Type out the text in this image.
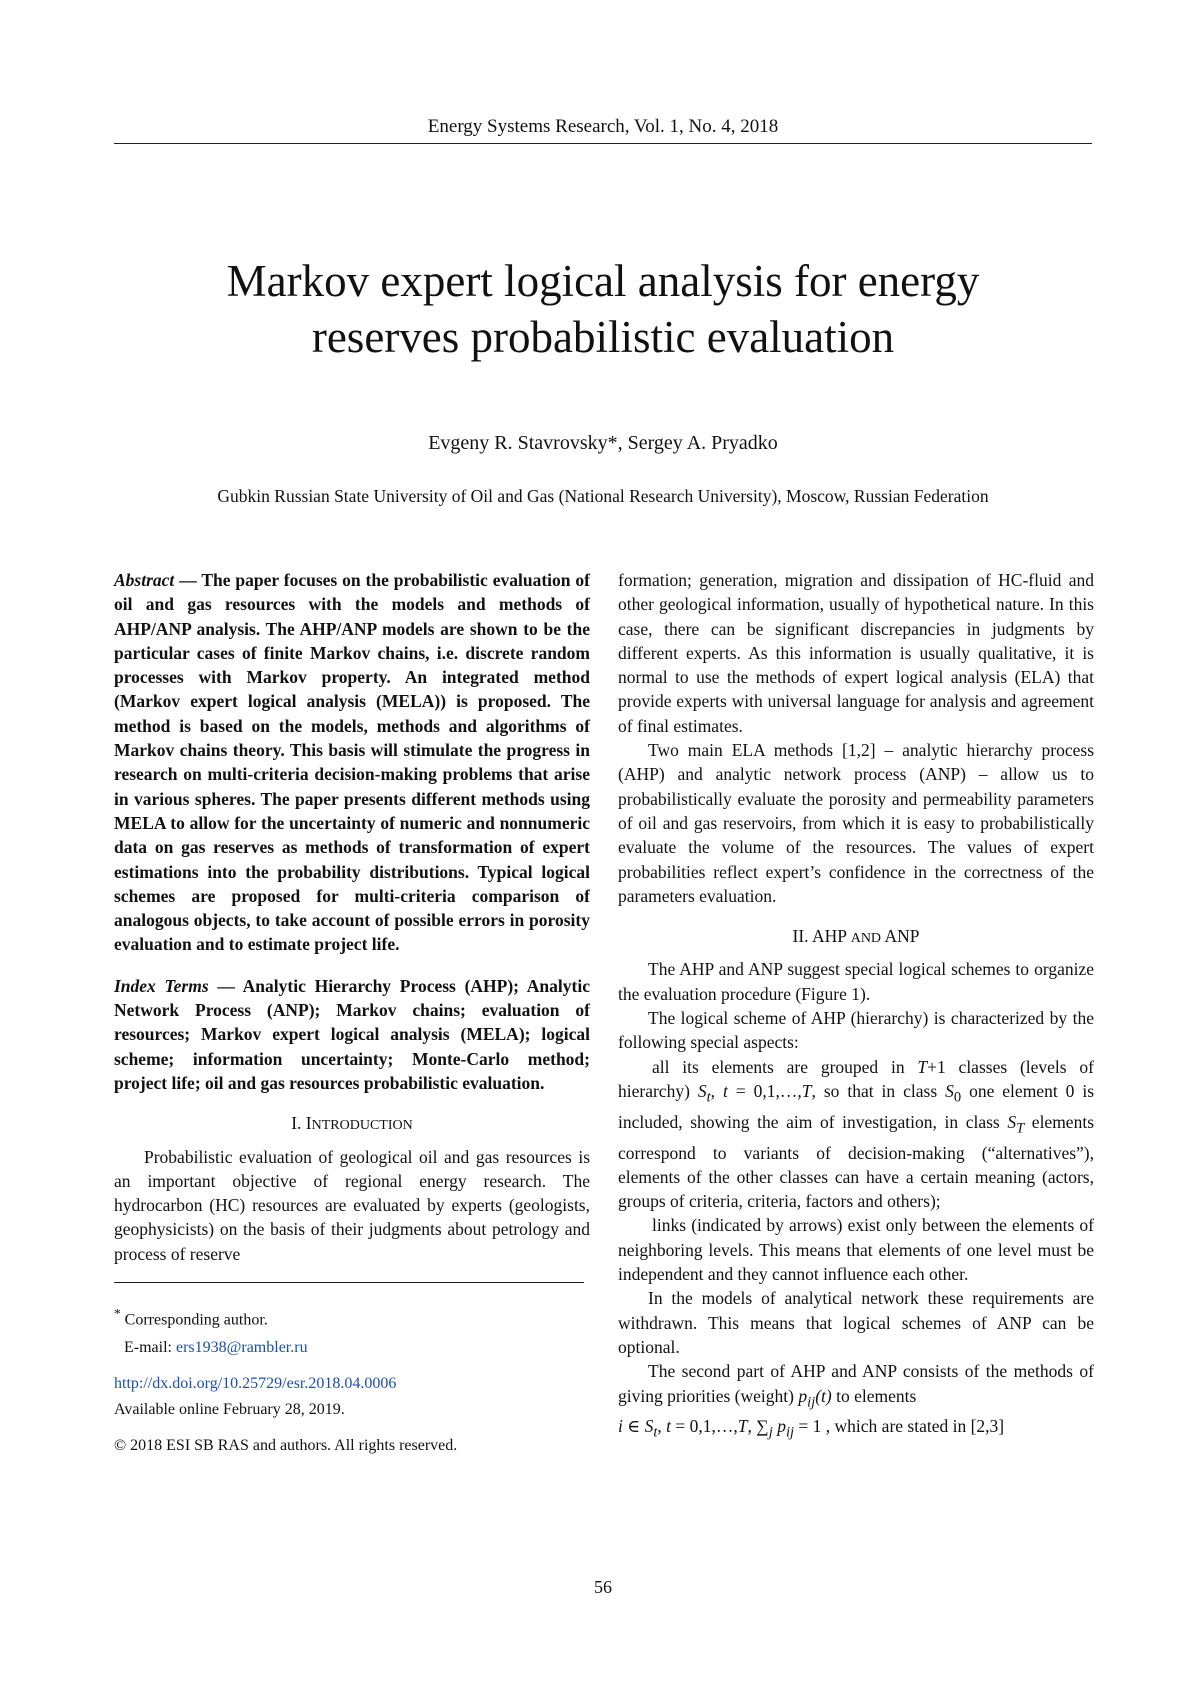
Energy Systems Research, Vol. 1, No. 4, 2018
Markov expert logical analysis for energy
reserves probabilistic evaluation
Evgeny R. Stavrovsky*, Sergey A. Pryadko
Gubkin Russian State University of Oil and Gas (National Research University), Moscow, Russian Federation

Abstract — The paper focuses on the probabilistic evaluation of oil and gas resources with the models and methods of AHP/ANP analysis. The AHP/ANP models are shown to be the particular cases of finite Markov chains, i.e. discrete random processes with Markov property. An integrated method (Markov expert logical analysis (MELA)) is proposed. The method is based on the models, methods and algorithms of Markov chains theory. This basis will stimulate the progress in research on multi-criteria decision-making problems that arise in various spheres. The paper presents different methods using MELA to allow for the uncertainty of numeric and nonnumeric data on gas reserves as methods of transformation of expert estimations into the probability distributions. Typical logical schemes are proposed for multi-criteria comparison of analogous objects, to take account of possible errors in porosity evaluation and to estimate project life.

Index Terms — Analytic Hierarchy Process (AHP); Analytic Network Process (ANP); Markov chains; evaluation of resources; Markov expert logical analysis (MELA); logical scheme; information uncertainty; Monte-Carlo method; project life; oil and gas resources probabilistic evaluation.

I. INTRODUCTION

Probabilistic evaluation of geological oil and gas resources is an important objective of regional energy research. The hydrocarbon (HC) resources are evaluated by experts (geologists, geophysicists) on the basis of their judgments about petrology and process of reserve

* Corresponding author.

E-mail: ers1938@rambler.ru

http://dx.doi.org/10.25729/esr.2018.04.0006

Available online February 28, 2019.

© 2018 ESI SB RAS and authors. All rights reserved.

formation; generation, migration and dissipation of HC-fluid and other geological information, usually of hypothetical nature. In this case, there can be significant discrepancies in judgments by different experts. As this information is usually qualitative, it is normal to use the methods of expert logical analysis (ELA) that provide experts with universal language for analysis and agreement of final estimates.

Two main ELA methods [1,2] – analytic hierarchy process (AHP) and analytic network process (ANP) – allow us to probabilistically evaluate the porosity and permeability parameters of oil and gas reservoirs, from which it is easy to probabilistically evaluate the volume of the resources. The values of expert probabilities reflect expert’s confidence in the correctness of the parameters evaluation.

II. AHP AND ANP

The AHP and ANP suggest special logical schemes to organize the evaluation procedure (Figure 1).

The logical scheme of AHP (hierarchy) is characterized by the following special aspects:

all its elements are grouped in T+1 classes (levels of hierarchy) $S_t$, t = 0,1,…,T, so that in class $S_0$ one element 0 is included, showing the aim of investigation, in class $S_T$ elements correspond to variants of decision-making (“alternatives”), elements of the other classes can have a certain meaning (actors, groups of criteria, criteria, factors and others);

links (indicated by arrows) exist only between the elements of neighboring levels. This means that elements of one level must be independent and they cannot influence each other.

In the models of analytical network these requirements are withdrawn. This means that logical schemes of ANP can be optional.

The second part of AHP and ANP consists of the methods of giving priorities (weight) $p_{ij}(t)$ to elements

i ∈ $S_t$, t = 0,1,…,T, $\sum_j$ $p_{ij} = 1$ , which are stated in [2,3]

56
